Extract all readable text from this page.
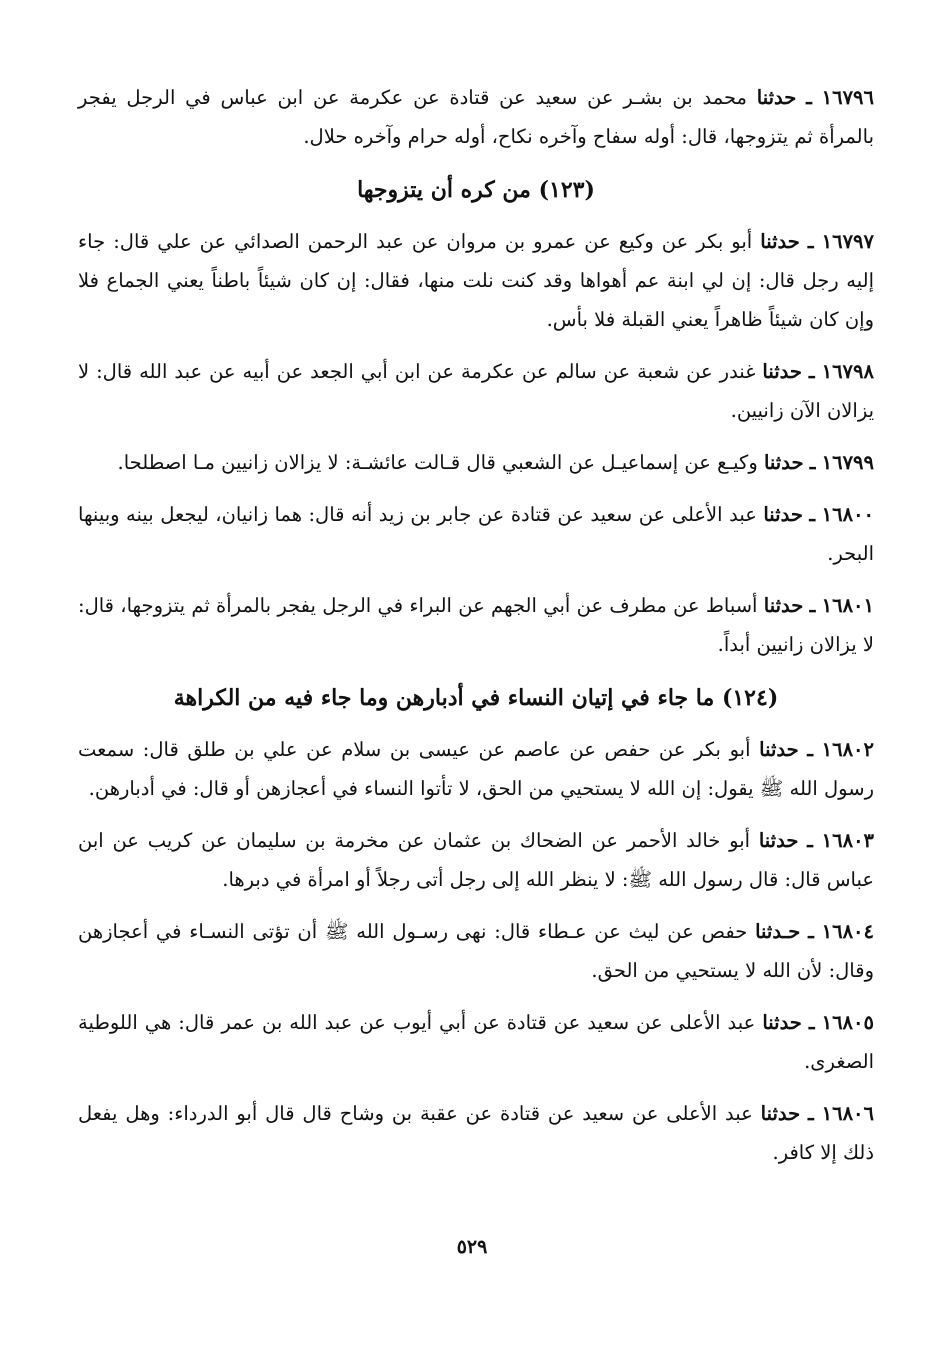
١٦٧٩٦ ـ حدثنا محمد بن بشـر عن سعيد عن قتادة عن عكرمة عن ابن عباس في الرجل يفجر بالمرأة ثم يتزوجها، قال: أوله سفاح وآخره نكاح، أوله حرام وآخره حلال.
(١٢٣) من كره أن يتزوجها
١٦٧٩٧ ـ حدثنا أبو بكر عن وكيع عن عمرو بن مروان عن عبد الرحمن الصدائي عن علي قال: جاء إليه رجل قال: إن لي ابنة عم أهواها وقد كنت نلت منها، فقال: إن كان شيئاً باطناً يعني الجماع فلا وإن كان شيئاً ظاهراً يعني القبلة فلا بأس.
١٦٧٩٨ ـ حدثنا غندر عن شعبة عن سالم عن عكرمة عن ابن أبي الجعد عن أبيه عن عبد الله قال: لا يزالان الآن زانيين.
١٦٧٩٩ ـ حدثنا وكيـع عن إسماعيـل عن الشعبي قال قـالت عائشـة: لا يزالان زانيين مـا اصطلحا.
١٦٨٠٠ ـ حدثنا عبد الأعلى عن سعيد عن قتادة عن جابر بن زيد أنه قال: هما زانيان، ليجعل بينه وبينها البحر.
١٦٨٠١ ـ حدثنا أسباط عن مطرف عن أبي الجهم عن البراء في الرجل يفجر بالمرأة ثم يتزوجها، قال: لا يزالان زانيين أبداً.
(١٢٤) ما جاء في إتيان النساء في أدبارهن وما جاء فيه من الكراهة
١٦٨٠٢ ـ حدثنا أبو بكر عن حفص عن عاصم عن عيسى بن سلام عن علي بن طلق قال: سمعت رسول الله ﷺ يقول: إن الله لا يستحيي من الحق، لا تأتوا النساء في أعجازهن أو قال: في أدبارهن.
١٦٨٠٣ ـ حدثنا أبو خالد الأحمر عن الضحاك بن عثمان عن مخرمة بن سليمان عن كريب عن ابن عباس قال: قال رسول الله ﷺ: لا ينظر الله إلى رجل أتى رجلاً أو امرأة في دبرها.
١٦٨٠٤ ـ حـدثنا حفص عن ليث عن عـطاء قال: نهى رسـول الله ﷺ أن تؤتى النسـاء في أعجازهن وقال: لأن الله لا يستحيي من الحق.
١٦٨٠٥ ـ حدثنا عبد الأعلى عن سعيد عن قتادة عن أبي أيوب عن عبد الله بن عمر قال: هي اللوطية الصغرى.
١٦٨٠٦ ـ حدثنا عبد الأعلى عن سعيد عن قتادة عن عقبة بن وشاح قال قال أبو الدرداء: وهل يفعل ذلك إلا كافر.
٥٢٩
